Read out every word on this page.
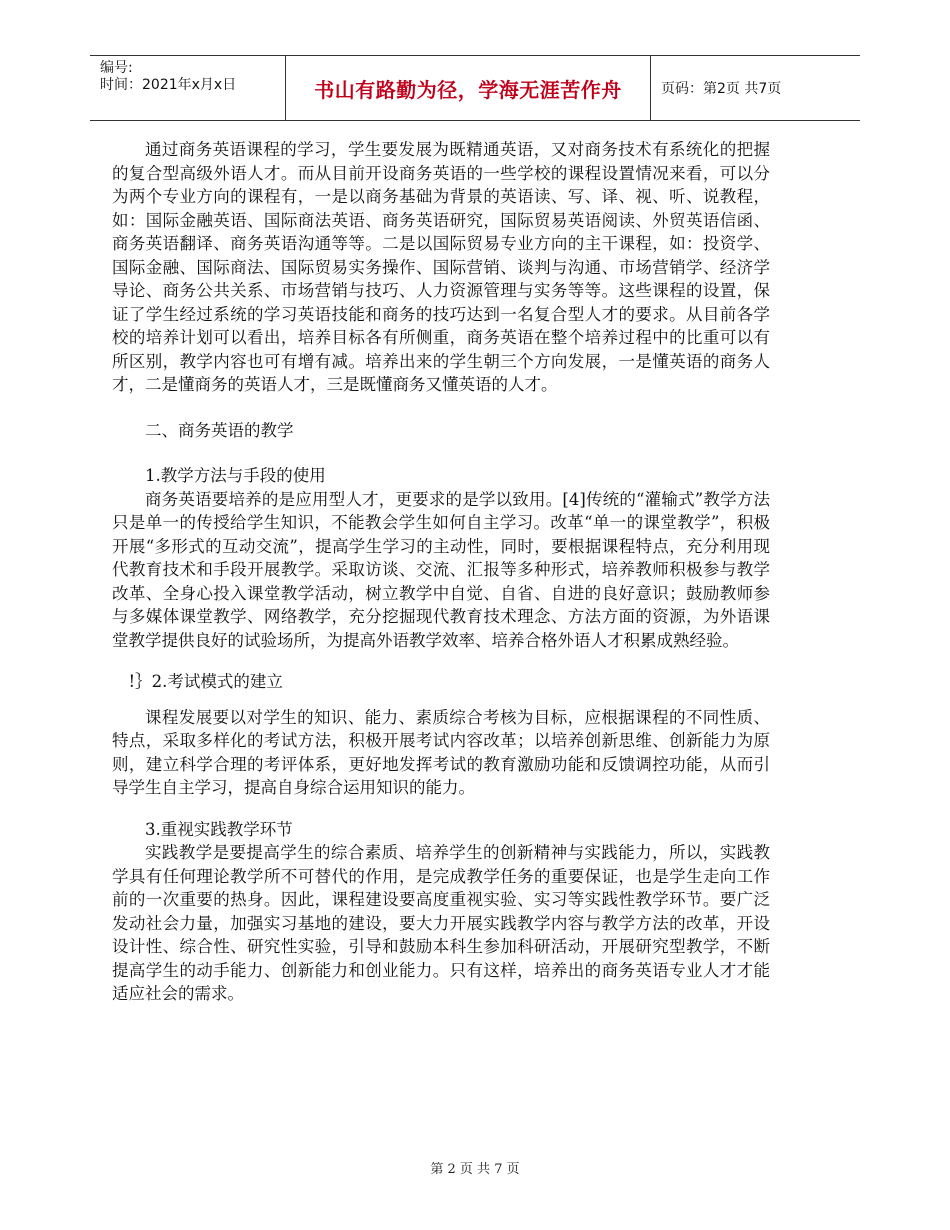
编号:
时间：2021年x月x日	书山有路勤为径，学海无涯苦作舟	页码：第2页 共7页

通过商务英语课程的学习，学生要发展为既精通英语，又对商务技术有系统化的把握的复合型高级外语人才。而从目前开设商务英语的一些学校的课程设置情况来看，可以分为两个专业方向的课程有，一是以商务基础为背景的英语读、写、译、视、听、说教程，如：国际金融英语、国际商法英语、商务英语研究，国际贸易英语阅读、外贸英语信函、商务英语翻译、商务英语沟通等等。二是以国际贸易专业方向的主干课程，如：投资学、国际金融、国际商法、国际贸易实务操作、国际营销、谈判与沟通、市场营销学、经济学导论、商务公共关系、市场营销与技巧、人力资源管理与实务等等。这些课程的设置，保证了学生经过系统的学习英语技能和商务的技巧达到一名复合型人才的要求。从目前各学校的培养计划可以看出，培养目标各有所侧重，商务英语在整个培养过程中的比重可以有所区别，教学内容也可有增有减。培养出来的学生朝三个方向发展，一是懂英语的商务人才，二是懂商务的英语人才，三是既懂商务又懂英语的人才。

二、商务英语的教学

1.教学方法与手段的使用

商务英语要培养的是应用型人才，更要求的是学以致用。[4]传统的“灌输式”教学方法只是单一的传授给学生知识，不能教会学生如何自主学习。改革“单一的课堂教学”，积极开展“多形式的互动交流”，提高学生学习的主动性，同时，要根据课程特点，充分利用现代教育技术和手段开展教学。采取访谈、交流、汇报等多种形式，培养教师积极参与教学改革、全身心投入课堂教学活动，树立教学中自觉、自省、自进的良好意识；鼓励教师参与多媒体课堂教学、网络教学，充分挖掘现代教育技术理念、方法方面的资源，为外语课堂教学提供良好的试验场所，为提高外语教学效率、培养合格外语人才积累成熟经验。

!｝2.考试模式的建立

课程发展要以对学生的知识、能力、素质综合考核为目标，应根据课程的不同性质、特点，采取多样化的考试方法，积极开展考试内容改革；以培养创新思维、创新能力为原则，建立科学合理的考评体系，更好地发挥考试的教育激励功能和反馈调控功能，从而引导学生自主学习，提高自身综合运用知识的能力。

3.重视实践教学环节

实践教学是要提高学生的综合素质、培养学生的创新精神与实践能力，所以，实践教学具有任何理论教学所不可替代的作用，是完成教学任务的重要保证，也是学生走向工作前的一次重要的热身。因此，课程建设要高度重视实验、实习等实践性教学环节。要广泛发动社会力量，加强实习基地的建设，要大力开展实践教学内容与教学方法的改革，开设设计性、综合性、研究性实验，引导和鼓励本科生参加科研活动，开展研究型教学，不断提高学生的动手能力、创新能力和创业能力。只有这样，培养出的商务英语专业人才才能适应社会的需求。

第 2 页 共 7 页
